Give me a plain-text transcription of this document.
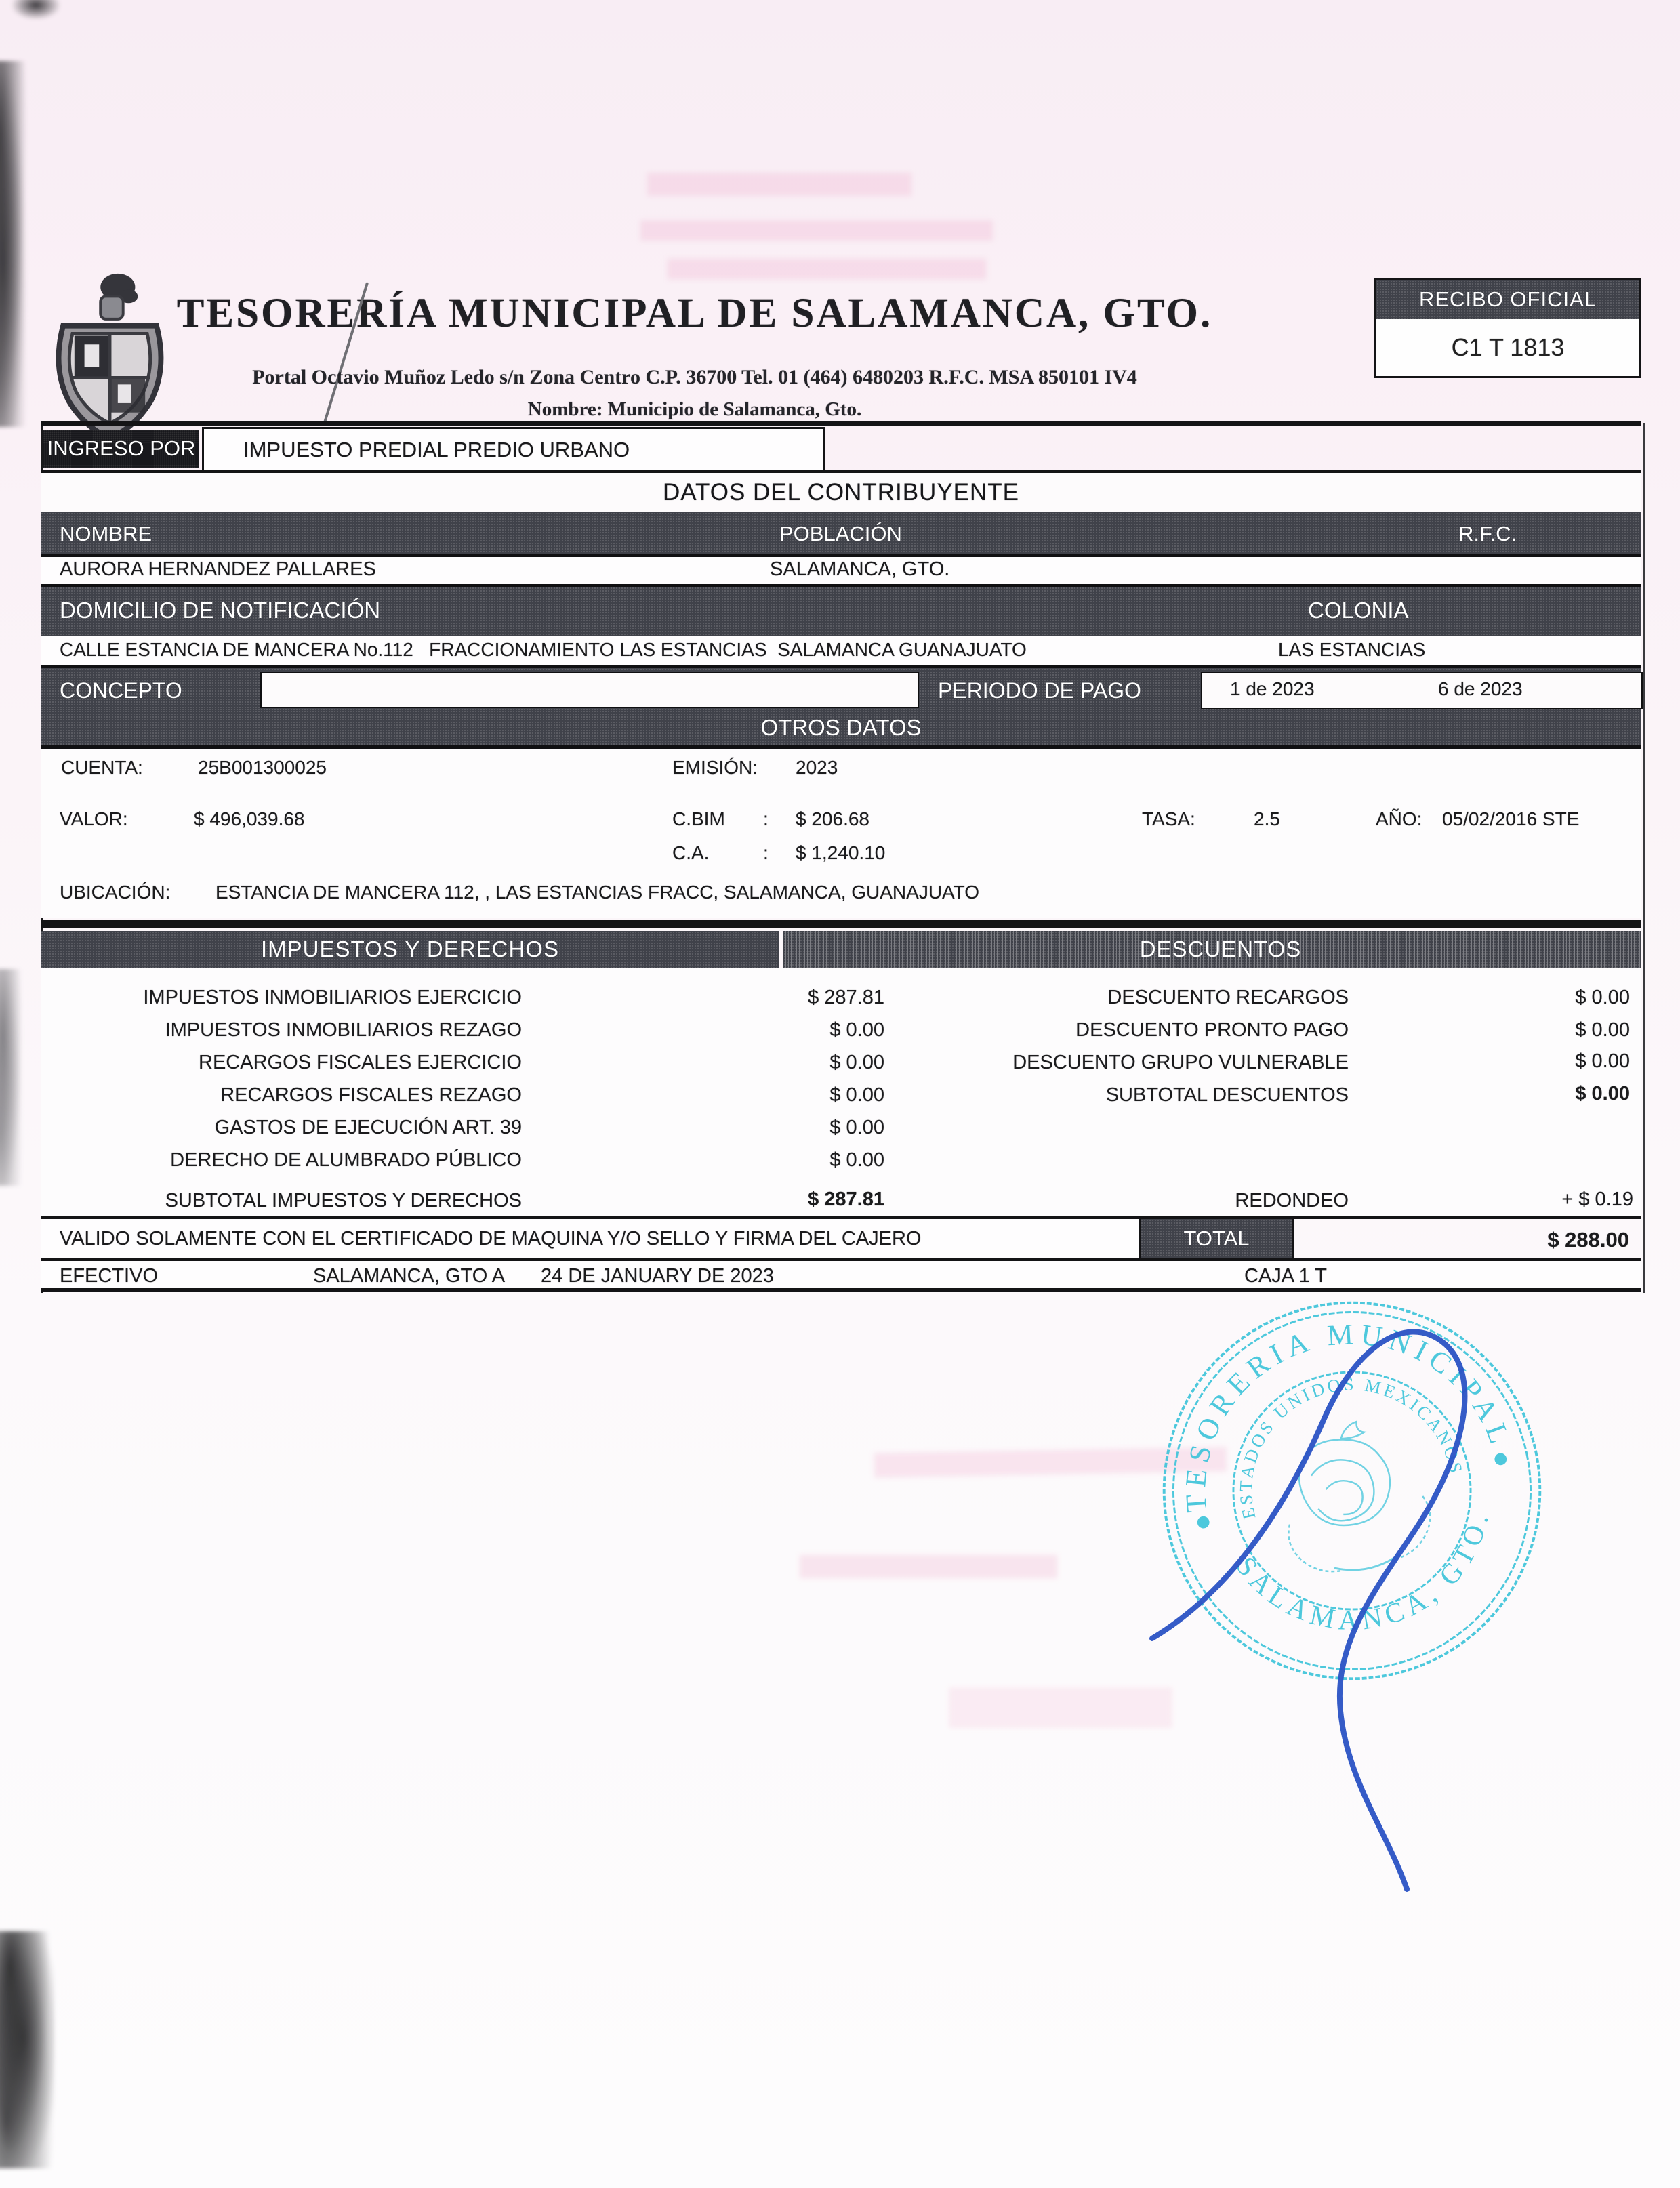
TESORERÍA MUNICIPAL DE SALAMANCA, GTO.
Portal Octavio Muñoz Ledo s/n Zona Centro C.P. 36700 Tel. 01 (464) 6480203 R.F.C. MSA 850101 IV4
Nombre: Municipio de Salamanca, Gto.
RECIBO OFICIAL
C1 T 1813
INGRESO POR	IMPUESTO PREDIAL PREDIO URBANO
DATOS DEL CONTRIBUYENTE
NOMBRE	POBLACIÓN	R.F.C.
AURORA HERNANDEZ PALLARES	SALAMANCA, GTO.
DOMICILIO DE NOTIFICACIÓN	COLONIA
CALLE ESTANCIA DE MANCERA No.112   FRACCIONAMIENTO LAS ESTANCIAS  SALAMANCA GUANAJUATO	LAS ESTANCIAS
CONCEPTO	PERIODO DE PAGO	1 de 2023	6 de 2023
OTROS DATOS
CUENTA:	25B001300025	EMISIÓN: 2023
VALOR:	$ 496,039.68	C.BIM : $ 206.68	TASA:	2.5	AÑO: 05/02/2016 STE
C.A.	: $ 1,240.10
UBICACIÓN: ESTANCIA DE MANCERA 112, , LAS ESTANCIAS FRACC, SALAMANCA, GUANAJUATO
IMPUESTOS Y DERECHOS	DESCUENTOS
IMPUESTOS INMOBILIARIOS EJERCICIO	$ 287.81
IMPUESTOS INMOBILIARIOS REZAGO	$ 0.00
RECARGOS FISCALES EJERCICIO	$ 0.00
RECARGOS FISCALES REZAGO	$ 0.00
GASTOS DE EJECUCIÓN ART. 39	$ 0.00
DERECHO DE ALUMBRADO PÚBLICO	$ 0.00
SUBTOTAL IMPUESTOS Y DERECHOS	$ 287.81
DESCUENTO RECARGOS	$ 0.00
DESCUENTO PRONTO PAGO	$ 0.00
DESCUENTO GRUPO VULNERABLE	$ 0.00
SUBTOTAL DESCUENTOS	$ 0.00
REDONDEO	+ $ 0.19
VALIDO SOLAMENTE CON EL CERTIFICADO DE MAQUINA Y/O SELLO Y FIRMA DEL CAJERO	TOTAL	$ 288.00
EFECTIVO	SALAMANCA, GTO A 24 DE JANUARY DE 2023	CAJA 1 T
TESORERIA MUNICIPAL
SALAMANCA, GTO.
ESTADOS UNIDOS MEXICANOS
